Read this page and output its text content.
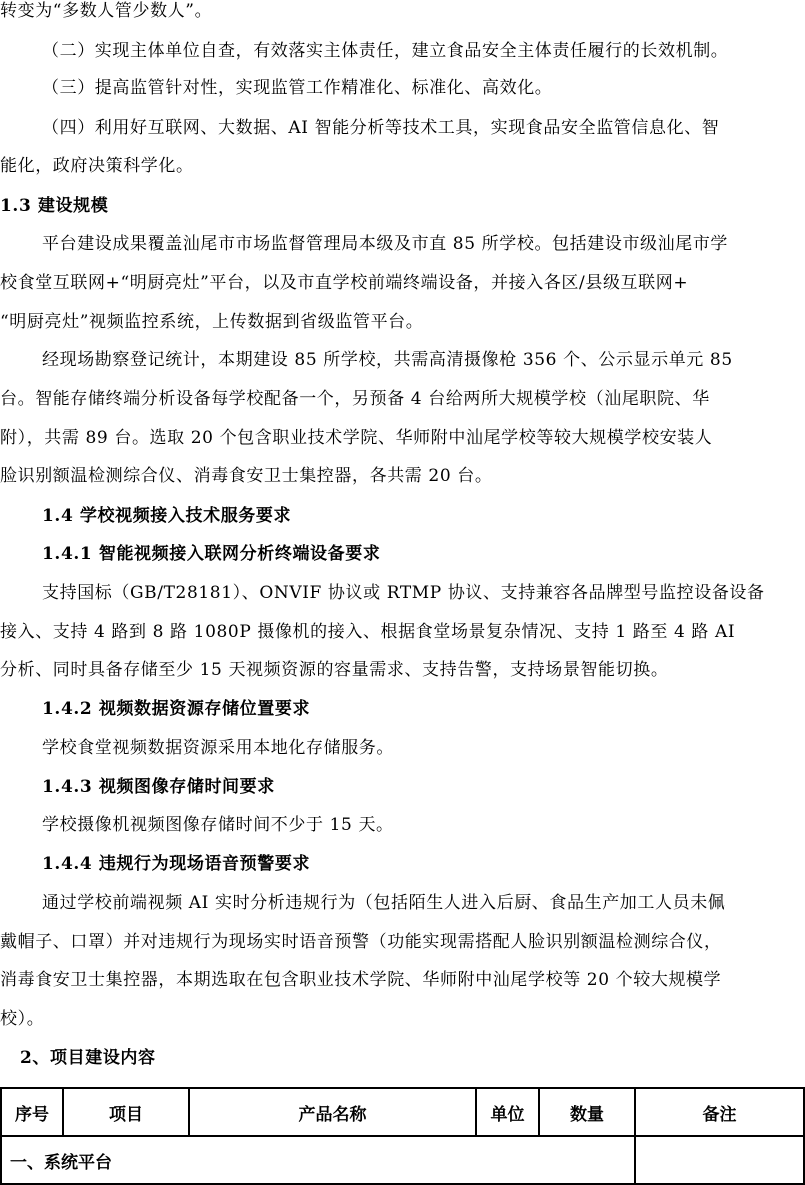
转变为“多数人管少数人”。
（二）实现主体单位自查，有效落实主体责任，建立食品安全主体责任履行的长效机制。
（三）提高监管针对性，实现监管工作精准化、标准化、高效化。
（四）利用好互联网、大数据、AI 智能分析等技术工具，实现食品安全监管信息化、智
能化，政府决策科学化。
1.3 建设规模
平台建设成果覆盖汕尾市市场监督管理局本级及市直 85 所学校。包括建设市级汕尾市学
校食堂互联网+“明厨亮灶”平台，以及市直学校前端终端设备，并接入各区/县级互联网+
“明厨亮灶”视频监控系统，上传数据到省级监管平台。
经现场勘察登记统计，本期建设 85 所学校，共需高清摄像枪 356 个、公示显示单元 85
台。智能存储终端分析设备每学校配备一个，另预备 4 台给两所大规模学校（汕尾职院、华
附），共需 89 台。选取 20 个包含职业技术学院、华师附中汕尾学校等较大规模学校安装人
脸识别额温检测综合仪、消毒食安卫士集控器，各共需 20 台。
1.4 学校视频接入技术服务要求
1.4.1 智能视频接入联网分析终端设备要求
支持国标（GB/T28181）、ONVIF 协议或 RTMP 协议、支持兼容各品牌型号监控设备设备
接入、支持 4 路到 8 路 1080P 摄像机的接入、根据食堂场景复杂情况、支持 1 路至 4 路 AI
分析、同时具备存储至少 15 天视频资源的容量需求、支持告警，支持场景智能切换。
1.4.2 视频数据资源存储位置要求
学校食堂视频数据资源采用本地化存储服务。
1.4.3 视频图像存储时间要求
学校摄像机视频图像存储时间不少于 15 天。
1.4.4 违规行为现场语音预警要求
通过学校前端视频 AI 实时分析违规行为（包括陌生人进入后厨、食品生产加工人员未佩
戴帽子、口罩）并对违规行为现场实时语音预警（功能实现需搭配人脸识别额温检测综合仪，
消毒食安卫士集控器，本期选取在包含职业技术学院、华师附中汕尾学校等 20 个较大规模学
校）。
2、项目建设内容
序号	项目	产品名称	单位	数量	备注
一、系统平台					
